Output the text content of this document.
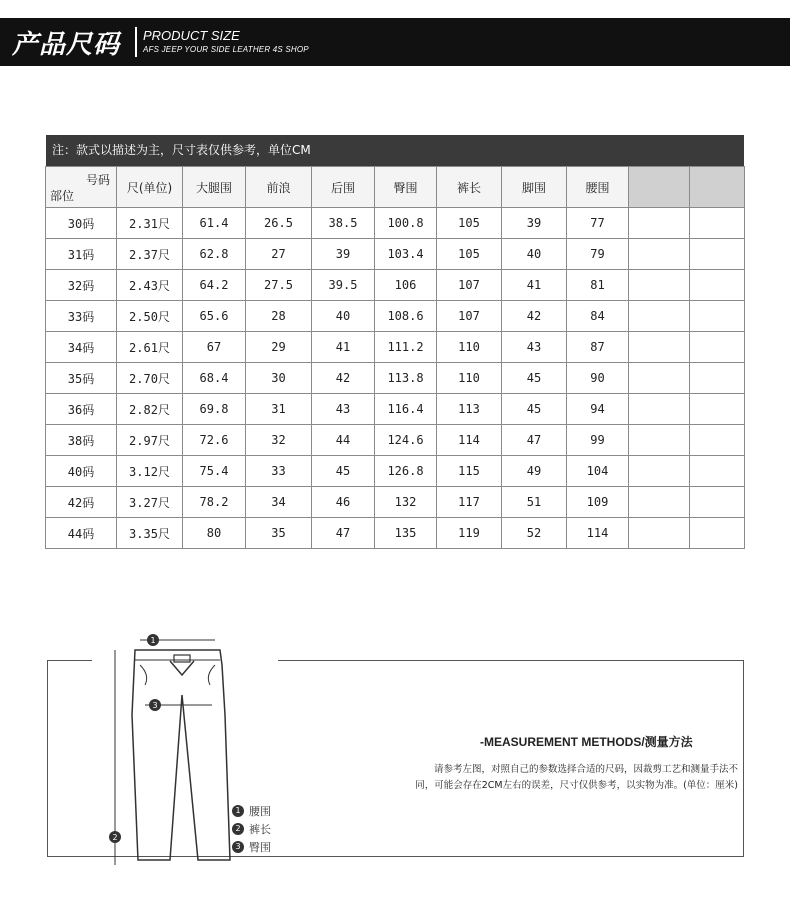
产品尺码 PRODUCT SIZE
AFS JEEP YOUR SIDE LEATHER 4S SHOP
注：款式以描述为主，尺寸表仅供参考，单位CM
号码
部位	尺(单位)	大腿围	前浪	后围	臀围	裤长	脚围	腰围		
30码	2.31尺	61.4	26.5	38.5	100.8	105	39	77		
31码	2.37尺	62.8	27	39	103.4	105	40	79		
32码	2.43尺	64.2	27.5	39.5	106	107	41	81		
33码	2.50尺	65.6	28	40	108.6	107	42	84		
34码	2.61尺	67	29	41	111.2	110	43	87		
35码	2.70尺	68.4	30	42	113.8	110	45	90		
36码	2.82尺	69.8	31	43	116.4	113	45	94		
38码	2.97尺	72.6	32	44	124.6	114	47	99		
40码	3.12尺	75.4	33	45	126.8	115	49	104		
42码	3.27尺	78.2	34	46	132	117	51	109		
44码	3.35尺	80	35	47	135	119	52	114		
1
3
2
-MEASUREMENT METHODS/测量方法
请参考左图，对照自己的参数选择合适的尺码，因裁剪工艺和测量手法不
同，可能会存在2CM左右的误差，尺寸仅供参考，以实物为准。(单位：厘米)
1 腰围
2 裤长
3 臀围
